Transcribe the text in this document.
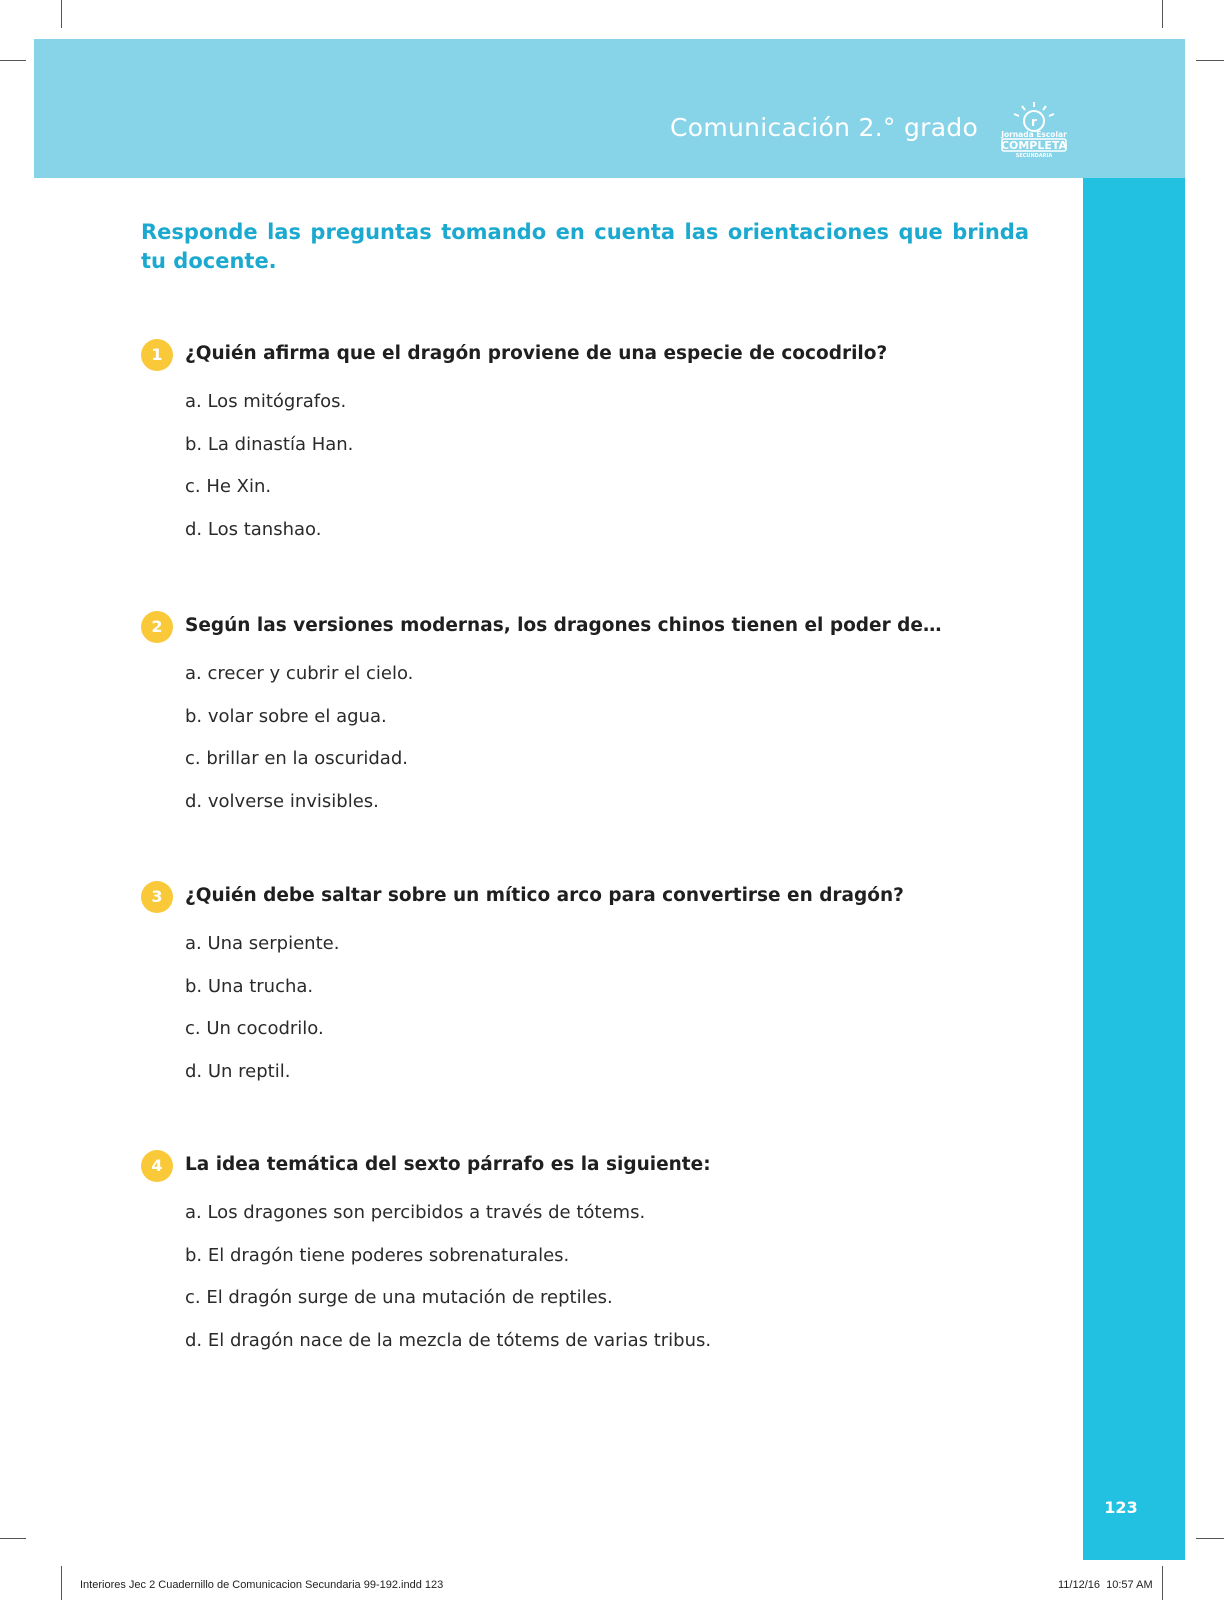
Comunicación 2.° grado	r
Jornada Escolar
COMPLETA
SECUNDARIA
123
Responde las preguntas tomando en cuenta las orientaciones que brinda tu docente.
1	¿Quién afirma que el dragón proviene de una especie de cocodrilo?
a. Los mitógrafos.
b. La dinastía Han.
c. He Xin.
d. Los tanshao.
2	Según las versiones modernas, los dragones chinos tienen el poder de…
a. crecer y cubrir el cielo.
b. volar sobre el agua.
c. brillar en la oscuridad.
d. volverse invisibles.
3	¿Quién debe saltar sobre un mítico arco para convertirse en dragón?
a. Una serpiente.
b. Una trucha.
c. Un cocodrilo.
d. Un reptil.
4	La idea temática del sexto párrafo es la siguiente:
a. Los dragones son percibidos a través de tótems.
b. El dragón tiene poderes sobrenaturales.
c. El dragón surge de una mutación de reptiles.
d. El dragón nace de la mezcla de tótems de varias tribus.
Interiores Jec 2 Cuadernillo de Comunicacion Secundaria 99-192.indd 123	11/12/16 10:57 AM
